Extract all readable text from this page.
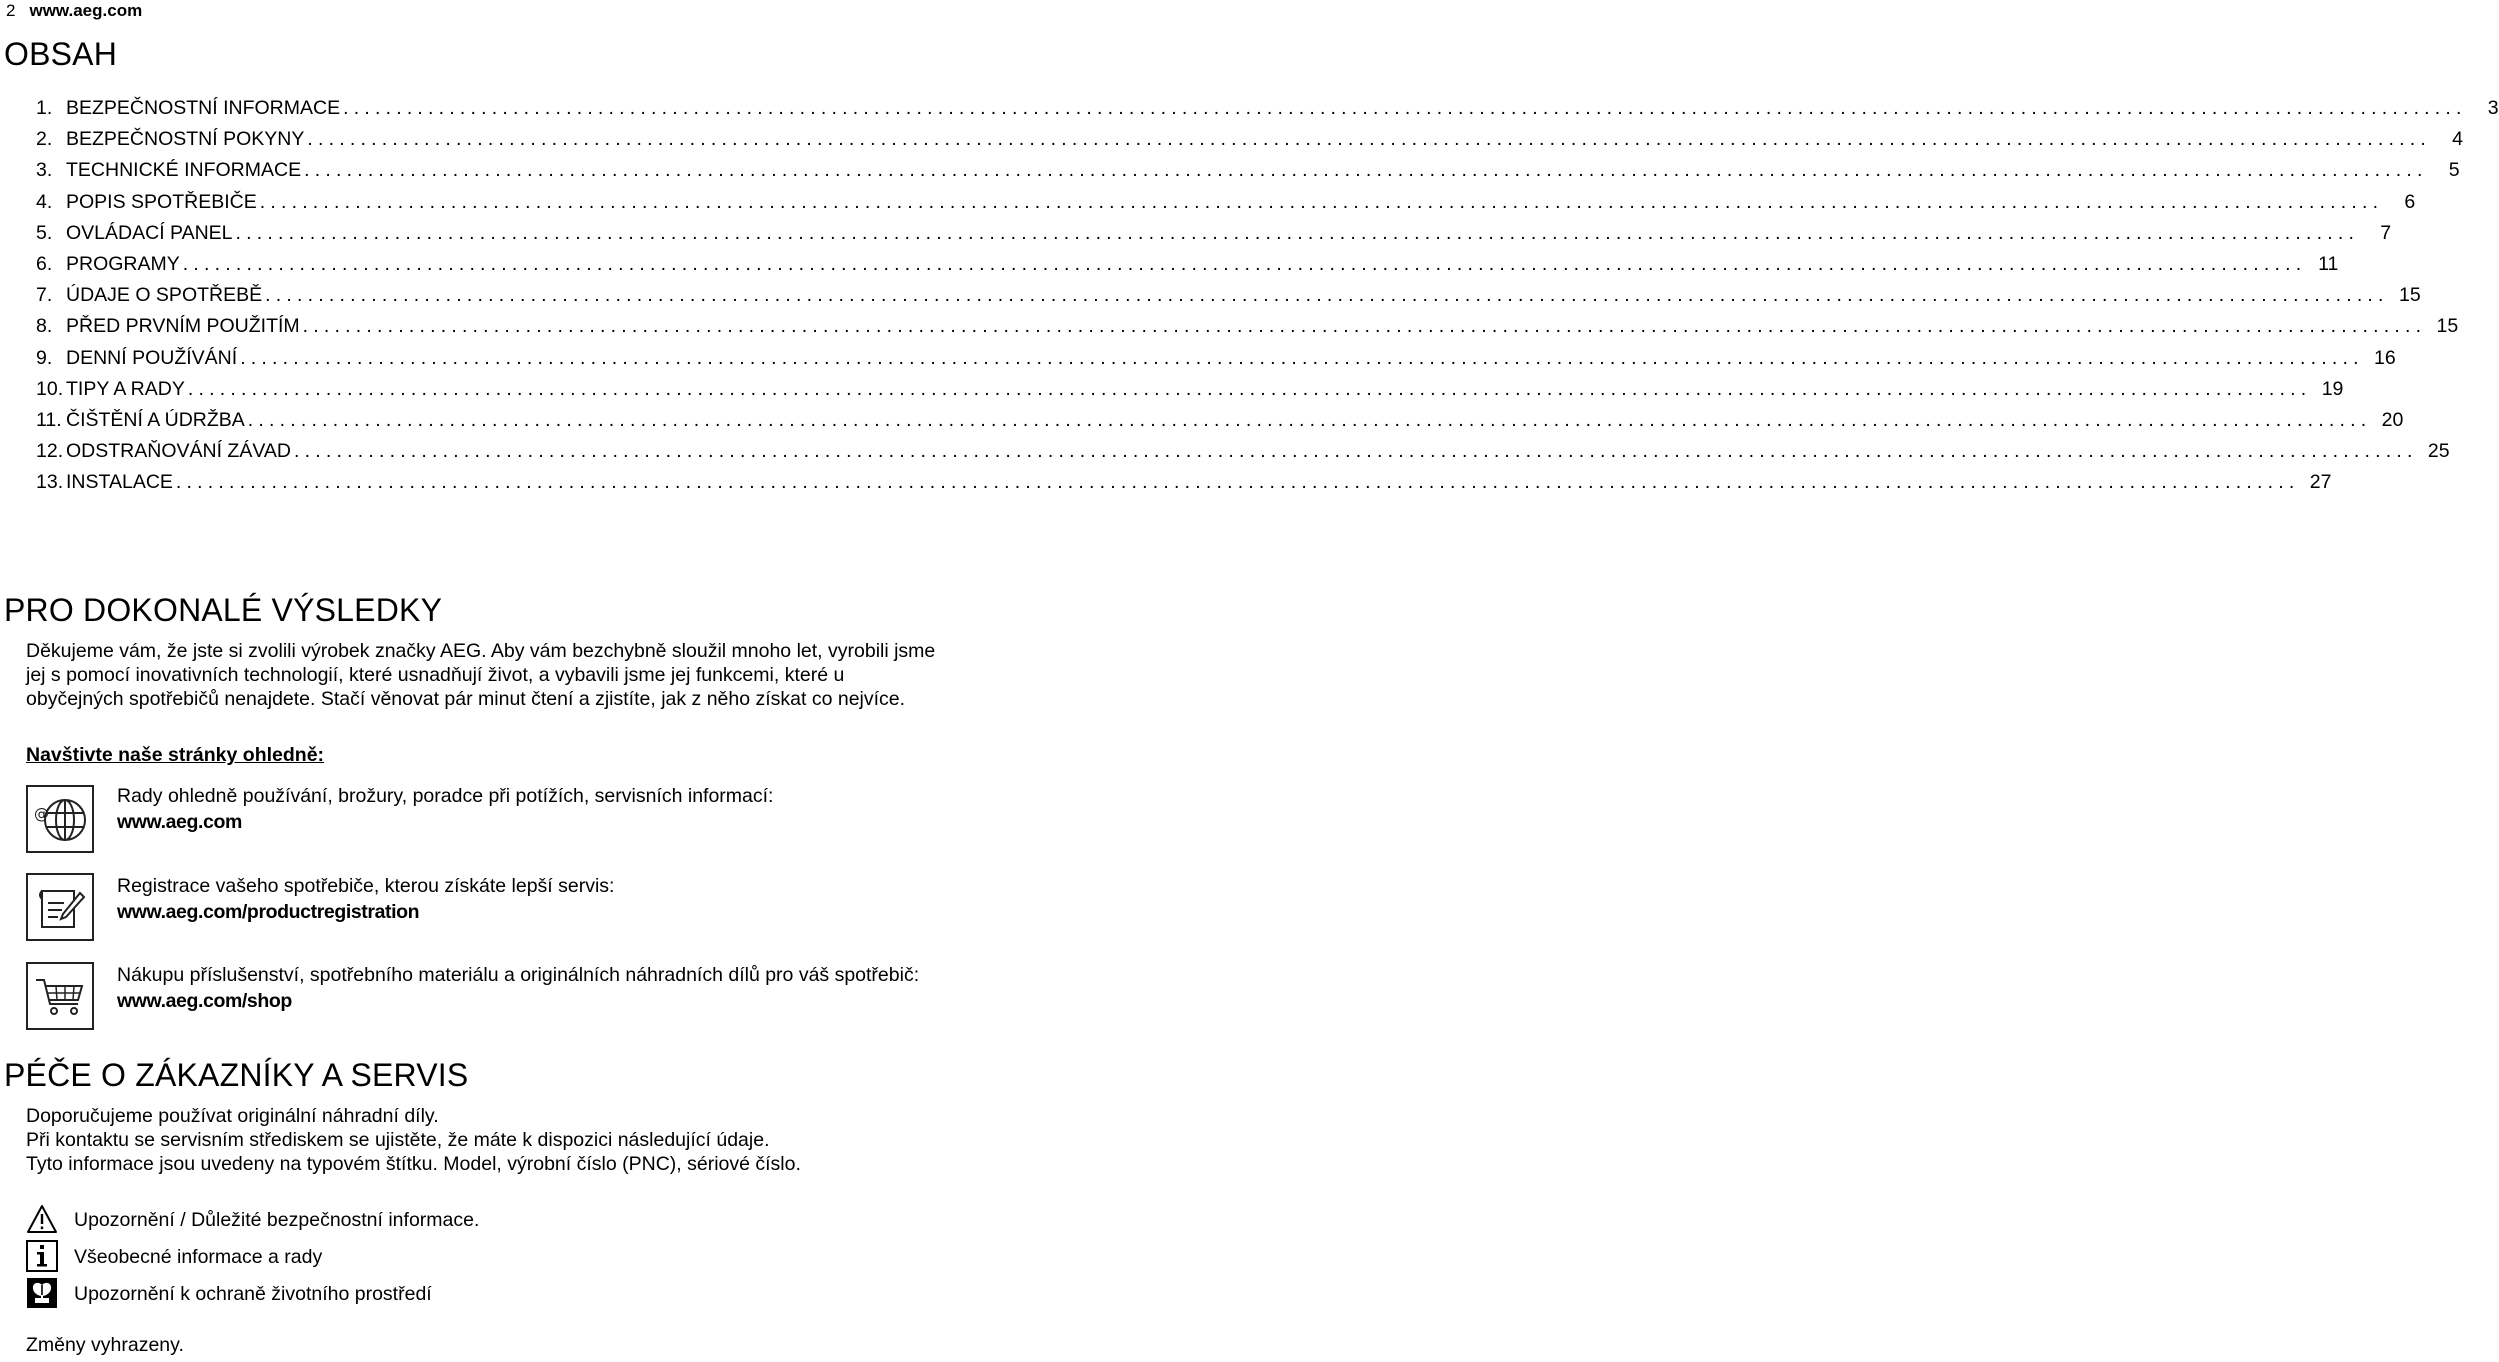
2 www.aeg.com
OBSAH
1. BEZPEČNOSTNÍ INFORMACE ........................................................................................................................................................................................................	3
2. BEZPEČNOSTNÍ POKYNY ........................................................................................................................................................................................................	4
3. TECHNICKÉ INFORMACE ........................................................................................................................................................................................................	5
4. POPIS SPOTŘEBIČE ........................................................................................................................................................................................................	6
5. OVLÁDACÍ PANEL ........................................................................................................................................................................................................	7
6. PROGRAMY ........................................................................................................................................................................................................ 11
7. ÚDAJE O SPOTŘEBĚ ........................................................................................................................................................................................................ 15
8. PŘED PRVNÍM POUŽITÍM ........................................................................................................................................................................................................ 15
9. DENNÍ POUŽÍVÁNÍ ........................................................................................................................................................................................................ 16
10. TIPY A RADY ........................................................................................................................................................................................................ 19
11. ČIŠTĚNÍ A ÚDRŽBA ........................................................................................................................................................................................................ 20
12. ODSTRAŇOVÁNÍ ZÁVAD ........................................................................................................................................................................................................ 25
13. INSTALACE ........................................................................................................................................................................................................ 27
PRO DOKONALÉ VÝSLEDKY

Děkujeme vám, že jste si zvolili výrobek značky AEG. Aby vám bezchybně sloužil mnoho let, vyrobili jsme jej s pomocí inovativních technologií, které usnadňují život, a vybavili jsme jej funkcemi, které u obyčejných spotřebičů nenajdete. Stačí věnovat pár minut čtení a zjistíte, jak z něho získat co nejvíce.

Navštivte naše stránky ohledně:

@
Rady ohledně používání, brožury, poradce při potížích, servisních informací:
www.aeg.com
Registrace vašeho spotřebiče, kterou získáte lepší servis:
www.aeg.com/productregistration
Nákupu příslušenství, spotřebního materiálu a originálních náhradních dílů pro váš spotřebič:
www.aeg.com/shop
PÉČE O ZÁKAZNÍKY A SERVIS
Doporučujeme používat originální náhradní díly.
Při kontaktu se servisním střediskem se ujistěte, že máte k dispozici následující údaje.
Tyto informace jsou uvedeny na typovém štítku. Model, výrobní číslo (PNC), sériové číslo.
Upozornění / Důležité bezpečnostní informace.
Všeobecné informace a rady
Upozornění k ochraně životního prostředí

Změny vyhrazeny.
